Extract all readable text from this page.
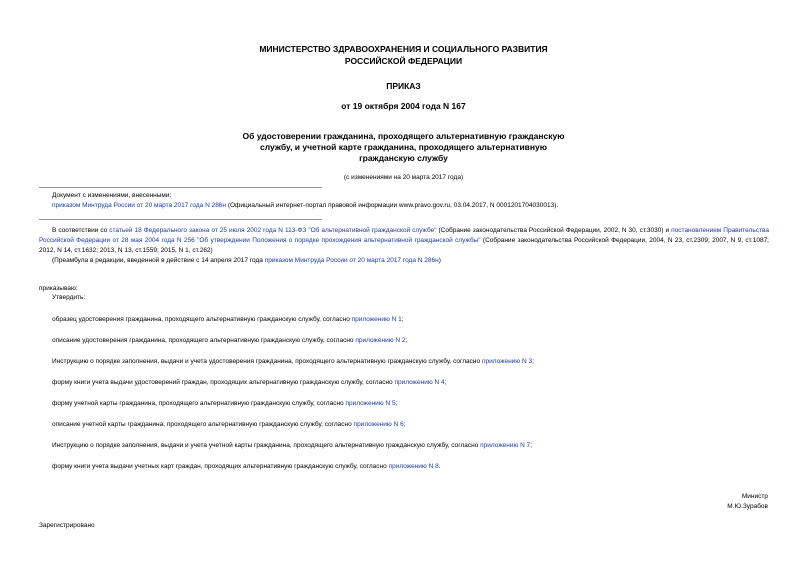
МИНИСТЕРСТВО ЗДРАВООХРАНЕНИЯ И СОЦИАЛЬНОГО РАЗВИТИЯ
РОССИЙСКОЙ ФЕДЕРАЦИИ
ПРИКАЗ
от 19 октября 2004 года N 167
Об удостоверении гражданина, проходящего альтернативную гражданскую
службу, и учетной карте гражданина, проходящего альтернативную
гражданскую службу
(с изменениями на 20 марта 2017 года)
Документ с изменениями, внесенными:
приказом Минтруда России от 20 марта 2017 года N 286н (Официальный интернет-портал правовой информации www.pravo.gov.ru, 03.04.2017, N 0001201704030013).
В соответствии со статьей 18 Федерального закона от 25 июля 2002 года N 113-ФЗ "Об альтернативной гражданской службе" (Собрание законодательства Российской Федерации, 2002, N 30, ст.3030) и постановлением Правительства Российской Федерации от 28 мая 2004 года N 256 "Об утверждении Положения о порядке прохождения альтернативной гражданской службы" (Собрание законодательства Российской Федерации, 2004, N 23, ст.2309; 2007, N 9, ст.1087; 2012, N 14, ст.1632; 2013, N 13, ст.1559; 2015, N 1, ст.262)
(Преамбула в редакции, введенной в действие с 14 апреля 2017 года приказом Минтруда России от 20 марта 2017 года N 286н)
приказываю:
Утвердить:
образец удостоверения гражданина, проходящего альтернативную гражданскую службу, согласно приложению N 1;
описание удостоверения гражданина, проходящего альтернативную гражданскую службу, согласно приложению N 2;
Инструкцию о порядке заполнения, выдачи и учета удостоверения гражданина, проходящего альтернативную гражданскую службу, согласно приложению N 3;
форму книги учета выдачи удостоверений граждан, проходящих альтернативную гражданскую службу, согласно приложению N 4;
форму учетной карты гражданина, проходящего альтернативную гражданскую службу, согласно приложению N 5;
описание учетной карты гражданина, проходящего альтернативную гражданскую службу, согласно приложению N 6;
Инструкцию о порядке заполнения, выдачи и учета учетной карты гражданина, проходящего альтернативную гражданскую службу, согласно приложению N 7;
форму книги учета выдачи учетных карт граждан, проходящих альтернативную гражданскую службу, согласно приложению N 8.
Министр
М.Ю.Зурабов
Зарегистрировано
